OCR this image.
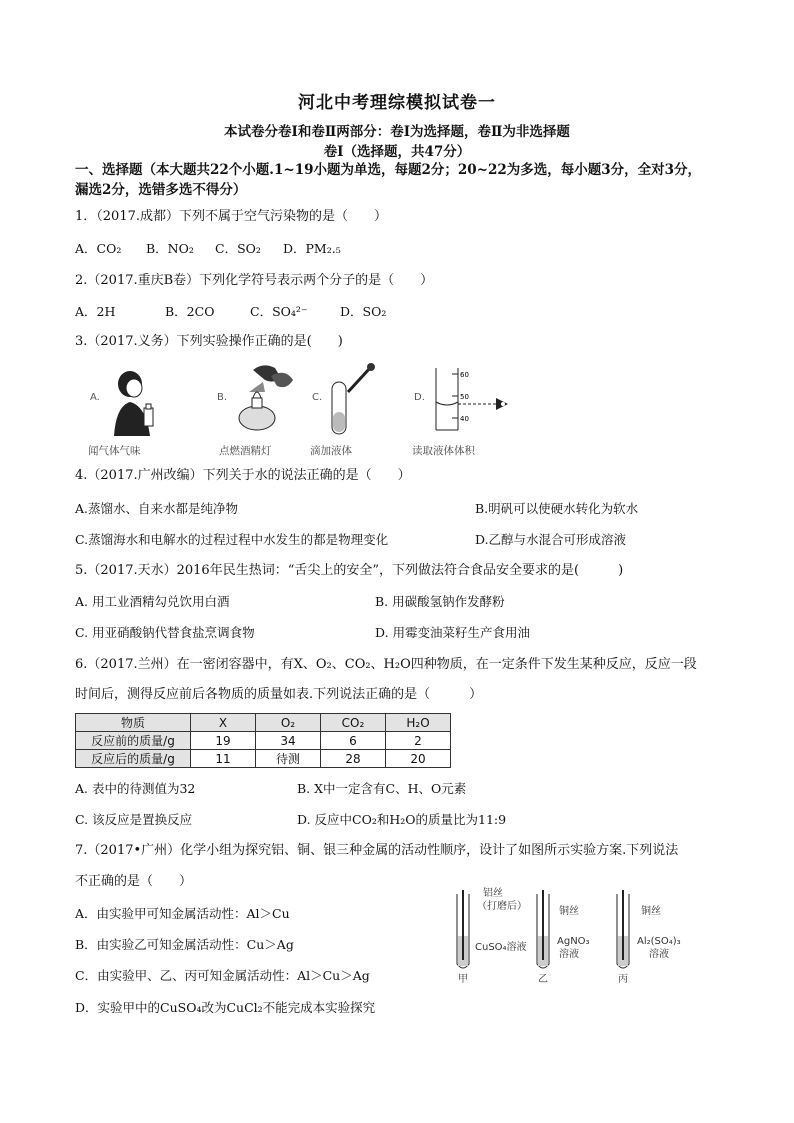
河北中考理综模拟试卷一
本试卷分卷Ⅰ和卷Ⅱ两部分：卷Ⅰ为选择题，卷Ⅱ为非选择题
卷Ⅰ（选择题，共47分）
一、选择题（本大题共22个小题.1~19小题为单选，每题2分；20~22为多选，每小题3分，全对3分，
漏选2分，选错多选不得分）
1．（2017.成都）下列不属于空气污染物的是（　　）
A．CO₂ B．NO₂ C．SO₂ D．PM₂.₅
2.（2017.重庆B卷）下列化学符号表示两个分子的是（　　）
A．2H	B．2CO	C．SO₄²⁻	D．SO₂
3.（2017.义务）下列实验操作正确的是(　　)
A.
闻气体气味
B.
点燃酒精灯
C.
滴加液体
D.
60
50
40
读取液体体积
4.（2017.广州改编）下列关于水的说法正确的是（　　）
A.蒸馏水、自来水都是纯净物	B.明矾可以使硬水转化为软水
C.蒸馏海水和电解水的过程过程中水发生的都是物理变化	D.乙醇与水混合可形成溶液
5.（2017.天水）2016年民生热词：“舌尖上的安全”，下列做法符合食品安全要求的是(　　　)
A. 用工业酒精勾兑饮用白酒	B. 用碳酸氢钠作发酵粉
C. 用亚硝酸钠代替食盐烹调食物	D. 用霉变油菜籽生产食用油
6.（2017.兰州）在一密闭容器中，有X、O₂、CO₂、H₂O四种物质，在一定条件下发生某种反应，反应一段
时间后，测得反应前后各物质的质量如表.下列说法正确的是（　　　）
物质	X	O₂	CO₂	H₂O
反应前的质量/g	19	34	6	2
反应后的质量/g	11	待测	28	20
A. 表中的待测值为32	B. X中一定含有C、H、O元素
C. 该反应是置换反应	D. 反应中CO₂和H₂O的质量比为11:9
7.（2017•广州）化学小组为探究铝、铜、银三种金属的活动性顺序，设计了如图所示实验方案.下列说法
不正确的是（　　）
A．由实验甲可知金属活动性：Al＞Cu
B．由实验乙可知金属活动性：Cu＞Ag
C．由实验甲、乙、丙可知金属活动性：Al＞Cu＞Ag
D．实验甲中的CuSO₄改为CuCl₂不能完成本实验探究
铝丝
（打磨后）
CuSO₄溶液
铜丝
AgNO₃
溶液
铜丝
Al₂(SO₄)₃
溶液
甲	乙	丙
